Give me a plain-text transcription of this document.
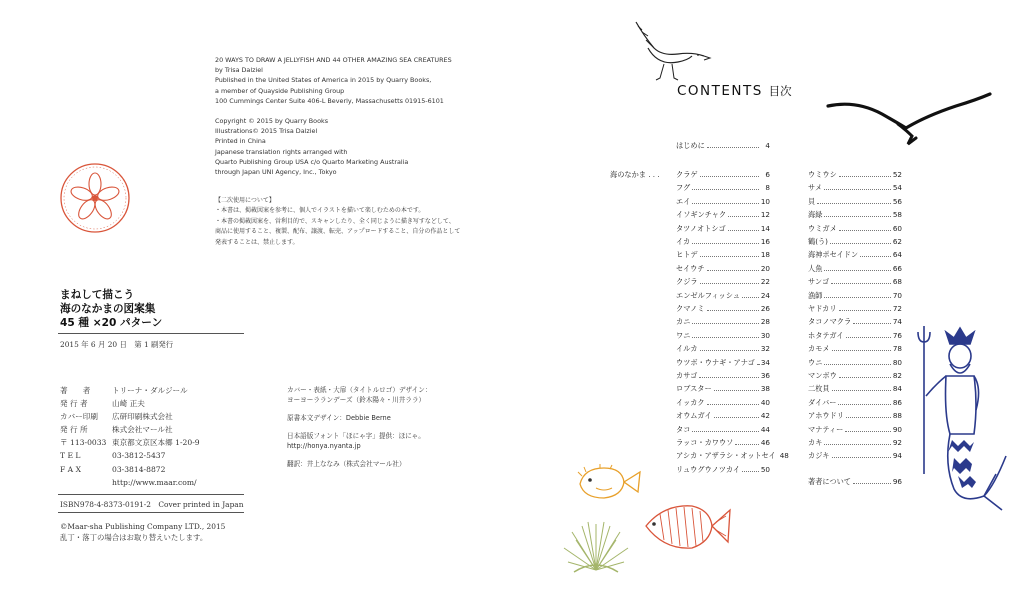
20 WAYS TO DRAW A JELLYFISH AND 44 OTHER AMAZING SEA CREATURES

by Trisa Dalziel

Published in the United States of America in 2015 by Quarry Books,

a member of Quayside Publishing Group

100 Cummings Center Suite 406-L Beverly, Massachusetts 01915-6101

Copyright © 2015 by Quarry Books

Illustrations© 2015 Trisa Dalziel

Printed in China

Japanese translation rights arranged with

Quarto Publishing Group USA c/o Quarto Marketing Australia

through Japan UNI Agency, Inc., Tokyo

【二次使用について】

・本書は、掲載図案を参考に、個人でイラストを描いて楽しむための本です。

・本書の掲載図案を、営利目的で、スキャンしたり、全く同じように描き写すなどして、

商品に使用すること、複製、配布、譲渡、転売、アップロードすること、自分の作品として

発表することは、禁止します。

まねして描こう

海のなかまの図案集

45 種 ×20 パターン

2015 年 6 月 20 日　第 1 刷発行
著　　者	トリーナ・ダルジール
発 行 者	山崎 正夫
カバー印刷 広研印刷株式会社
発 行 所	株式会社マール社
〒 113-0033 東京都文京区本郷 1-20-9
T E L	03-3812-5437
F A X	03-3814-8872
http://www.maar.com/
ISBN978-4-8373-0191-2　Cover printed in Japan
©Maar-sha Publishing Company LTD., 2015
乱丁・落丁の場合はお取り替えいたします。

カバー・表紙・大扉（タイトルロゴ）デザイン：

ヨーヨーラランデーズ（鈴木陽々・川井ララ）

原書本文デザイン：Debbie Berne

日本語版フォント「ほにゃ字」提供：ほにゃ。

http://honya.nyanta.jp

翻訳：井上ななみ（株式会社マール社）

CONTENTS 目次
はじめに	4
海のなかま . . . クラゲ	6
フグ	8
エイ	10
イソギンチャク	12
タツノオトシゴ	14
イカ	16
ヒトデ	18
セイウチ	20
クジラ	22
エンゼルフィッシュ	24
クマノミ	26
カニ	28
ワニ	30
イルカ	32
ウツボ・ウナギ・アナゴ 34
カサゴ	36
ロブスター	38
イッカク	40
オウムガイ	42
タコ	44
ラッコ・カワウソ	46
アシカ・アザラシ・オットセイ 48
リュウグウノツカイ	50
ウミウシ	52
サメ	54
貝	56
海緑	58
ウミガメ	60
鶴(う)	62
海神ポセイドン	64
人魚	66
サンゴ	68
漁師	70
ヤドカリ	72
タコノマクラ	74
ホタテガイ	76
カモメ	78
ウニ	80
マンボウ	82
二枚貝	84
ダイバー	86
アホウドリ	88
マナティー	90
カキ	92
カジキ	94
著者について	96
